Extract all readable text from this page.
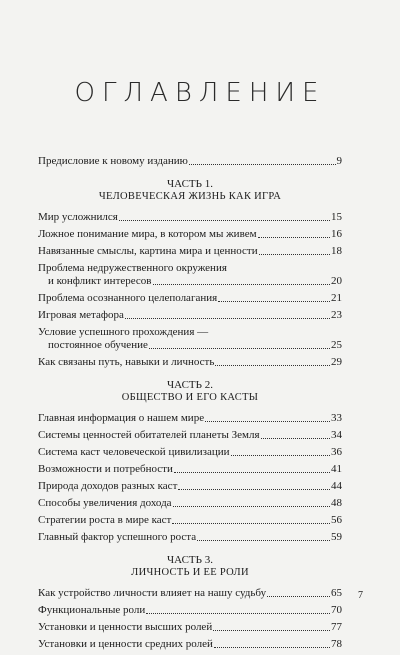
ОГЛАВЛЕНИЕ
Предисловие к новому изданию	9
ЧАСТЬ 1.
ЧЕЛОВЕЧЕСКАЯ ЖИЗНЬ КАК ИГРА
Мир усложнился	15
Ложное понимание мира, в котором мы живем	16
Навязанные смыслы, картина мира и ценности	18
Проблема недружественного окружения
и конфликт интересов	20
Проблема осознанного целеполагания	21
Игровая метафора	23
Условие успешного прохождения —
постоянное обучение	25
Как связаны путь, навыки и личность	29
ЧАСТЬ 2.
ОБЩЕСТВО И ЕГО КАСТЫ
Главная информация о нашем мире	33
Системы ценностей обитателей планеты Земля	34
Система каст человеческой цивилизации	36
Возможности и потребности	41
Природа доходов разных каст	44
Способы увеличения дохода	48
Стратегии роста в мире каст	56
Главный фактор успешного роста	59
ЧАСТЬ 3.
ЛИЧНОСТЬ И ЕЕ РОЛИ
Как устройство личности влияет на нашу судьбу	65
Функциональные роли	70
Установки и ценности высших ролей	77
Установки и ценности средних ролей	78
7
